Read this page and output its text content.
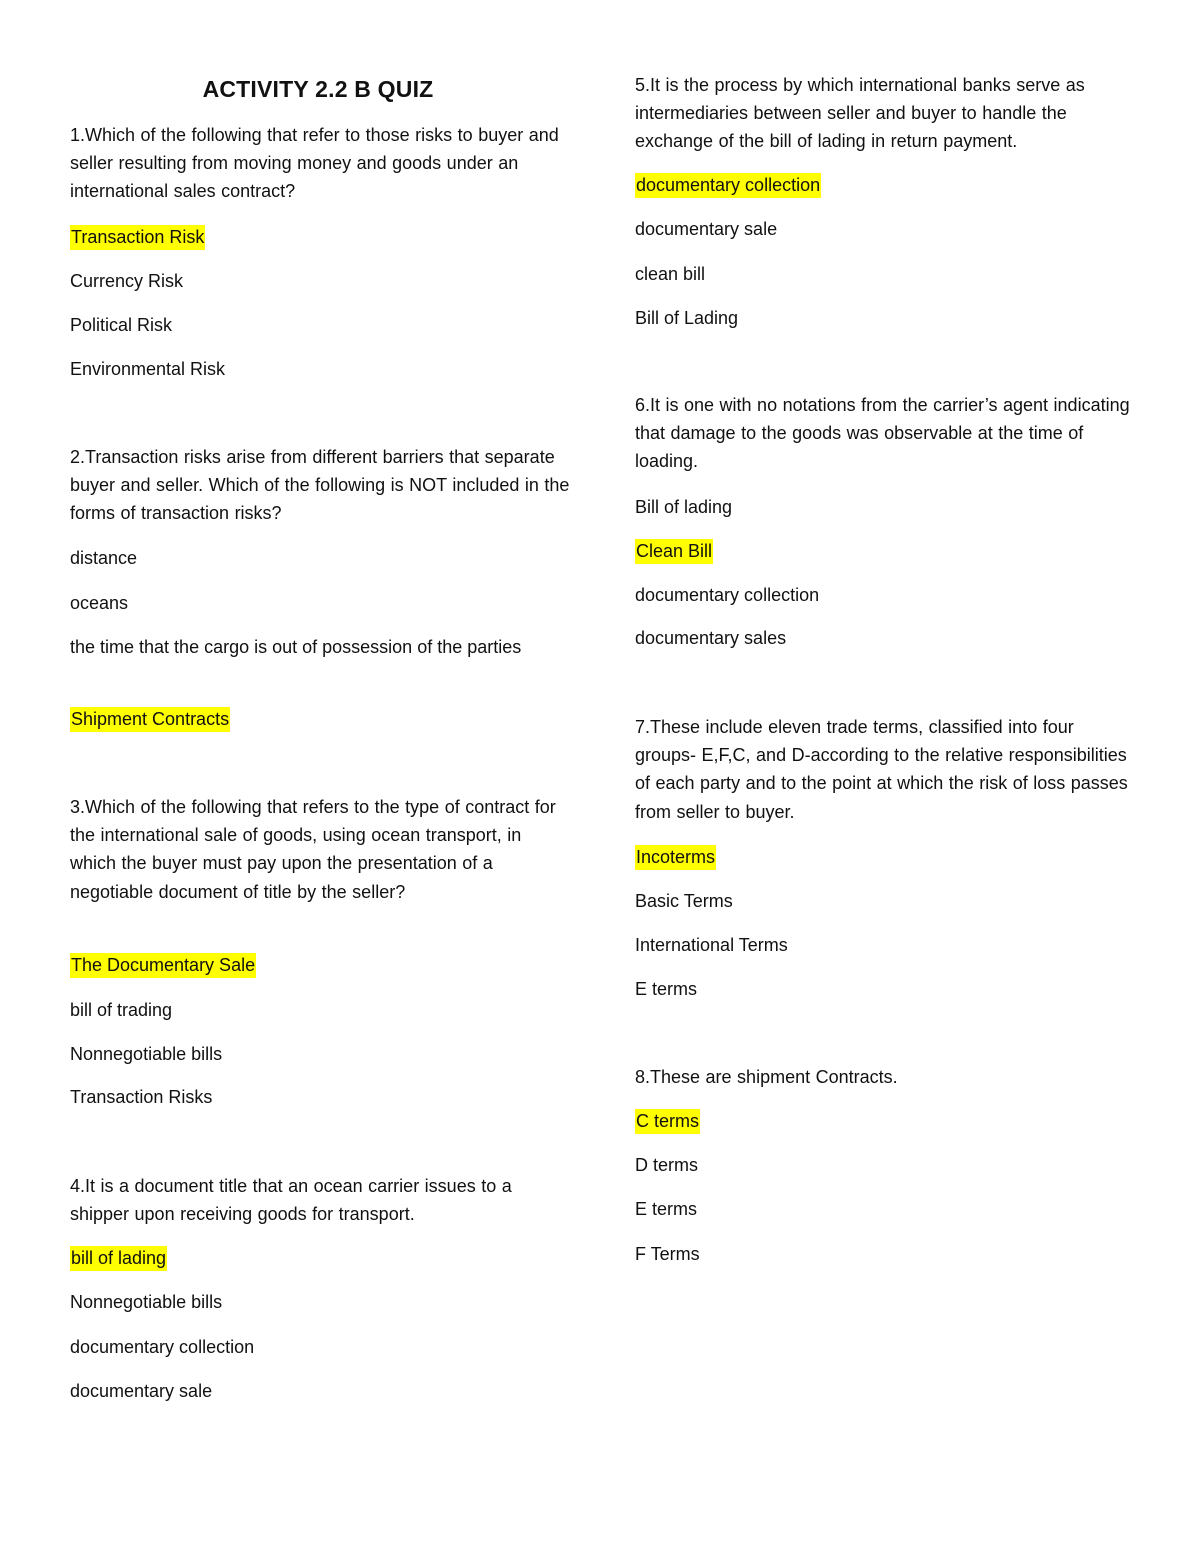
ACTIVITY 2.2 B QUIZ

1.Which of the following that refer to those risks to buyer and seller resulting from moving money and goods under an international sales contract?

Transaction Risk

Currency Risk

Political Risk

Environmental Risk

2.Transaction risks arise from different barriers that separate buyer and seller. Which of the following is NOT included in the forms of transaction risks?

distance

oceans

the time that the cargo is out of possession of the parties

Shipment Contracts

3.Which of the following that refers to the type of contract for the international sale of goods, using ocean transport, in which the buyer must pay upon the presentation of a negotiable document of title by the seller?

The Documentary Sale

bill of trading

Nonnegotiable bills

Transaction Risks

4.It is a document title that an ocean carrier issues to a shipper upon receiving goods for transport.

bill of lading

Nonnegotiable bills

documentary collection

documentary sale

5.It is the process by which international banks serve as intermediaries between seller and buyer to handle the exchange of the bill of lading in return payment.

documentary collection

documentary sale

clean bill

Bill of Lading

6.It is one with no notations from the carrier’s agent indicating that damage to the goods was observable at the time of loading.

Bill of lading

Clean Bill

documentary collection

documentary sales

7.These include eleven trade terms, classified into four groups- E,F,C, and D-according to the relative responsibilities of each party and to the point at which the risk of loss passes from seller to buyer.

Incoterms

Basic Terms

International Terms

E terms

8.These are shipment Contracts.

C terms

D terms

E terms

F Terms
